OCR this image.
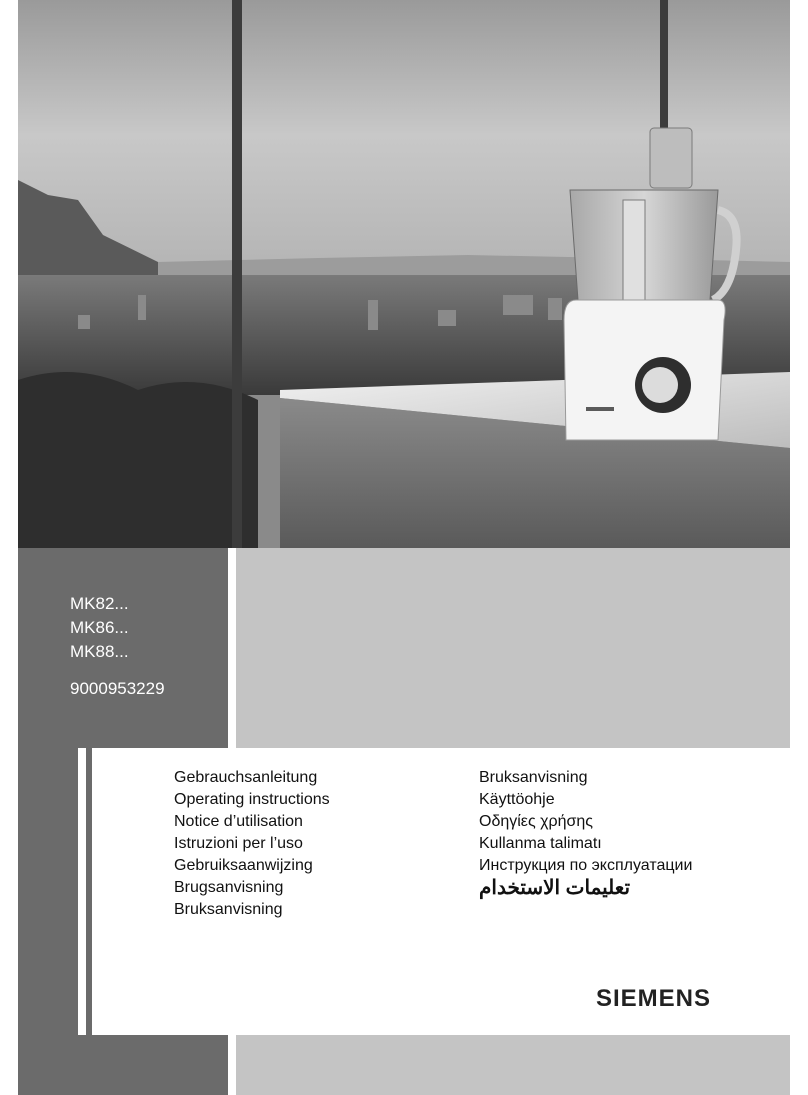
MK82...
MK86...
MK88...
9000953229
Gebrauchsanleitung
Operating instructions
Notice d’utilisation
Istruzioni per l’uso
Gebruiksaanwijzing
Brugsanvisning
Bruksanvisning
Bruksanvisning
Käyttöohje
Οδηγίες χρήσης
Kullanma talimatı
Инструкция по эксплуатации
تعليمات الاستخدام
SIEMENS
